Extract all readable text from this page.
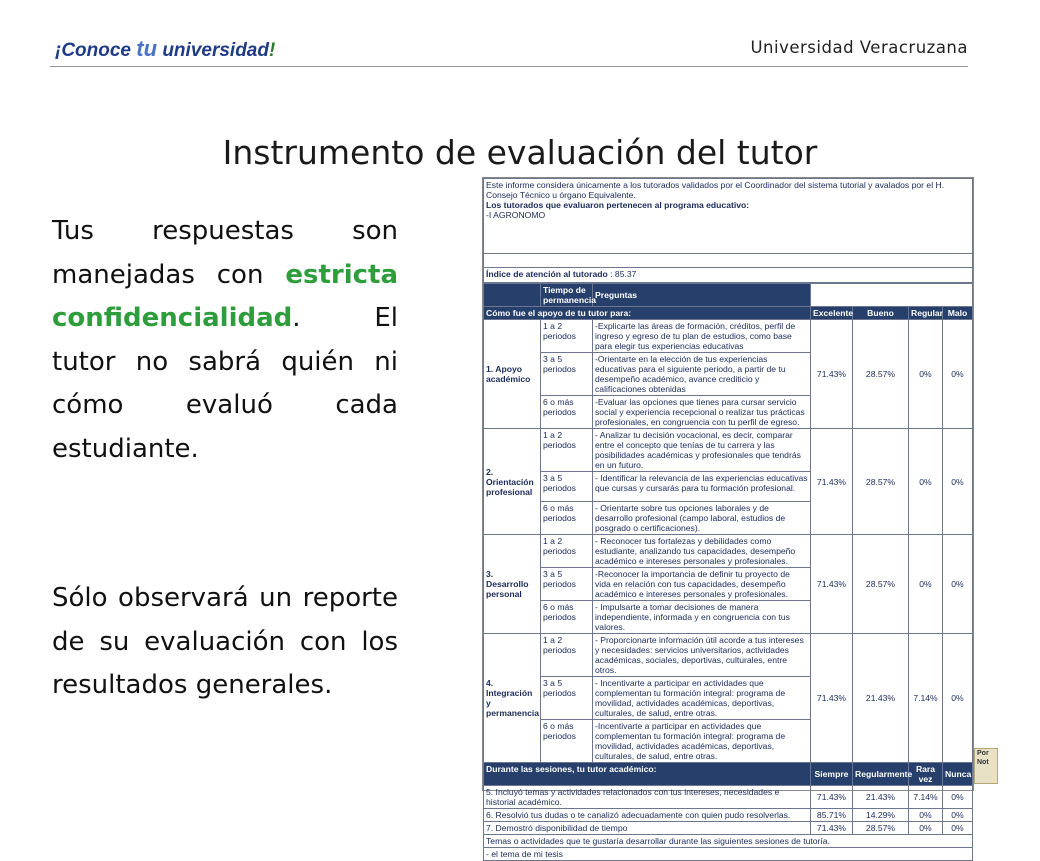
¡Conoce tu universidad!	Universidad Veracruzana
Instrumento de evaluación del tutor
Tus respuestas son manejadas con estricta confidencialidad. El tutor no sabrá quién ni cómo evaluó cada estudiante.
Sólo observará un reporte de su evaluación con los resultados generales.
Este informe considera únicamente a los tutorados validados por el Coordinador del sistema tutorial y avalados por el H. Consejo Técnico u órgano Equivalente.
Los tutorados que evaluaron pertenecen al programa educativo:
-I AGRONOMO

Índice de atención al tutorado : 85.37
	Tiempo de permanencia	Preguntas				
Cómo fue el apoyo de tu tutor para:			Excelente	Bueno	Regular	Malo
1. Apoyo académico	1 a 2 periodos	-Explicarte las áreas de formación, créditos, perfil de ingreso y egreso de tu plan de estudios, como base para elegir tus experiencias educativas	71.43%	28.57%	0%	0%
	3 a 5 periodos	-Orientarte en la elección de tus experiencias educativas para el siguiente periodo, a partir de tu desempeño académico, avance crediticio y calificaciones obtenidas				
	6 o más periodos	-Evaluar las opciones que tienes para cursar servicio social y experiencia recepcional o realizar tus prácticas profesionales, en congruencia con tu perfil de egreso.				
2. Orientación profesional	1 a 2 periodos	- Analizar tu decisión vocacional, es decir, comparar entre el concepto que tenías de tu carrera y las posibilidades académicas y profesionales que tendrás en un futuro.	71.43%	28.57%	0%	0%
	3 a 5 periodos	- Identificar la relevancia de las experiencias educativas que cursas y cursarás para tu formación profesional.				
	6 o más periodos	- Orientarte sobre tus opciones laborales y de desarrollo profesional (campo laboral, estudios de posgrado o certificaciones).				
3. Desarrollo personal	1 a 2 periodos	- Reconocer tus fortalezas y debilidades como estudiante, analizando tus capacidades, desempeño académico e intereses personales y profesionales.	71.43%	28.57%	0%	0%
	3 a 5 periodos	-Reconocer la importancia de definir tu proyecto de vida en relación con tus capacidades, desempeño académico e intereses personales y profesionales.				
	6 o más periodos	- Impulsarte a tomar decisiones de manera independiente, informada y en congruencia con tus valores.				
4. Integración y permanencia	1 a 2 periodos	- Proporcionarte información útil acorde a tus intereses y necesidades: servicios universitarios, actividades académicas, sociales, deportivas, culturales, entre otros.	71.43%	21.43%	7.14%	0%
	3 a 5 periodos	- Incentivarte a participar en actividades que complementan tu formación integral: programa de movilidad, actividades académicas, deportivas, culturales, de salud, entre otras.				
	6 o más periodos	-Incentivarte a participar en actividades que complementan tu formación integral: programa de movilidad, actividades académicas, deportivas, culturales, de salud, entre otras.				
Durante las sesiones, tu tutor académico:			Siempre	Regularmente	Rara vez	Nunca
5. Incluyó temas y actividades relacionados con tus intereses, necesidades e historial académico.			71.43%	21.43%	7.14%	0%
6. Resolvió tus dudas o te canalizó adecuadamente con quien pudo resolverlas.			85.71%	14.29%	0%	0%
7. Demostró disponibilidad de tiempo			71.43%	28.57%	0%	0%
Temas o actividades que te gustaría desarrollar durante las siguientes sesiones de tutoría.						
- el tema de mi tesis						
Por Not
